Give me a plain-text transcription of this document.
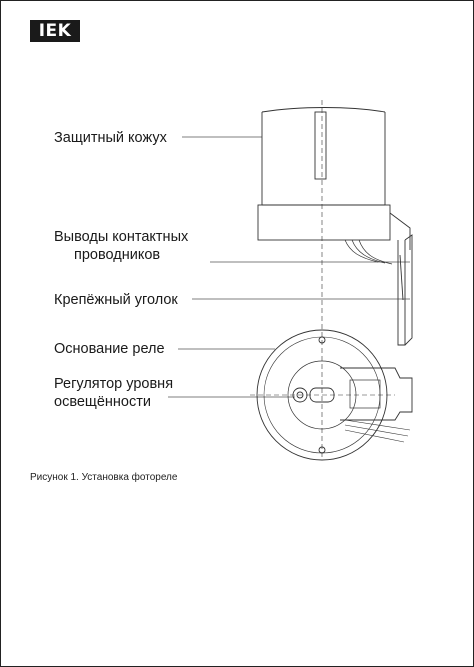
IEK
Защитный кожух
Выводы контактных
проводников
Крепёжный уголок
Основание реле
Регулятор уровня
освещённости
Рисунок 1. Установка фотореле
